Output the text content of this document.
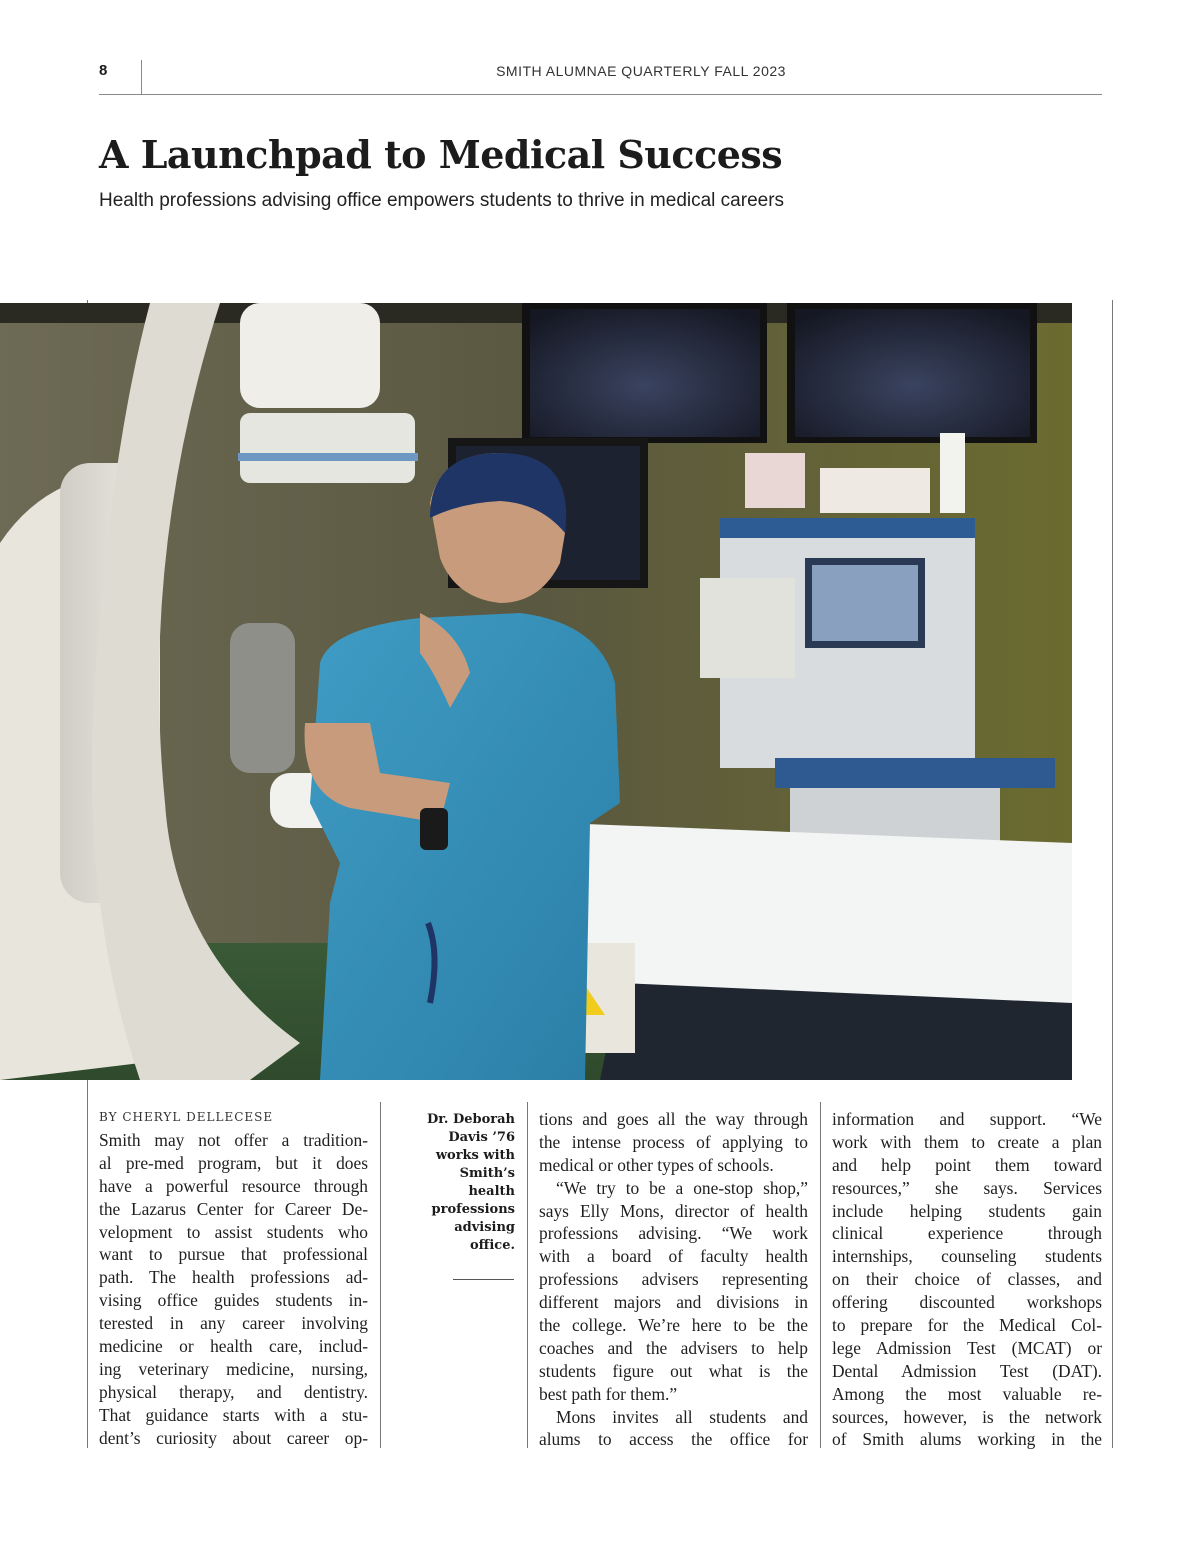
8	SMITH ALUMNAE QUARTERLY FALL 2023
A Launchpad to Medical Success

Health professions advising office empowers students to thrive in medical careers

BY CHERYL DELLECESE
Smith may not offer a tradition-
al pre-med program, but it does
have a powerful resource through
the Lazarus Center for Career De-
velopment to assist students who
want to pursue that professional
path. The health professions ad-
vising office guides students in-
terested in any career involving
medicine or health care, includ-
ing veterinary medicine, nursing,
physical therapy, and dentistry.
That guidance starts with a stu-
dent’s curiosity about career op-
Dr. Deborah
Davis ’76
works with
Smith’s
health
professions
advising
office.
tions and goes all the way through
the intense process of applying to
medical or other types of schools.
“We try to be a one-stop shop,”
says Elly Mons, director of health
professions advising. “We work
with a board of faculty health
professions advisers representing
different majors and divisions in
the college. We’re here to be the
coaches and the advisers to help
students figure out what is the
best path for them.”
Mons invites all students and
alums to access the office for
information and support. “We
work with them to create a plan
and help point them toward
resources,” she says. Services
include helping students gain
clinical experience through
internships, counseling students
on their choice of classes, and
offering discounted workshops
to prepare for the Medical Col-
lege Admission Test (MCAT) or
Dental Admission Test (DAT).
Among the most valuable re-
sources, however, is the network
of Smith alums working in the
